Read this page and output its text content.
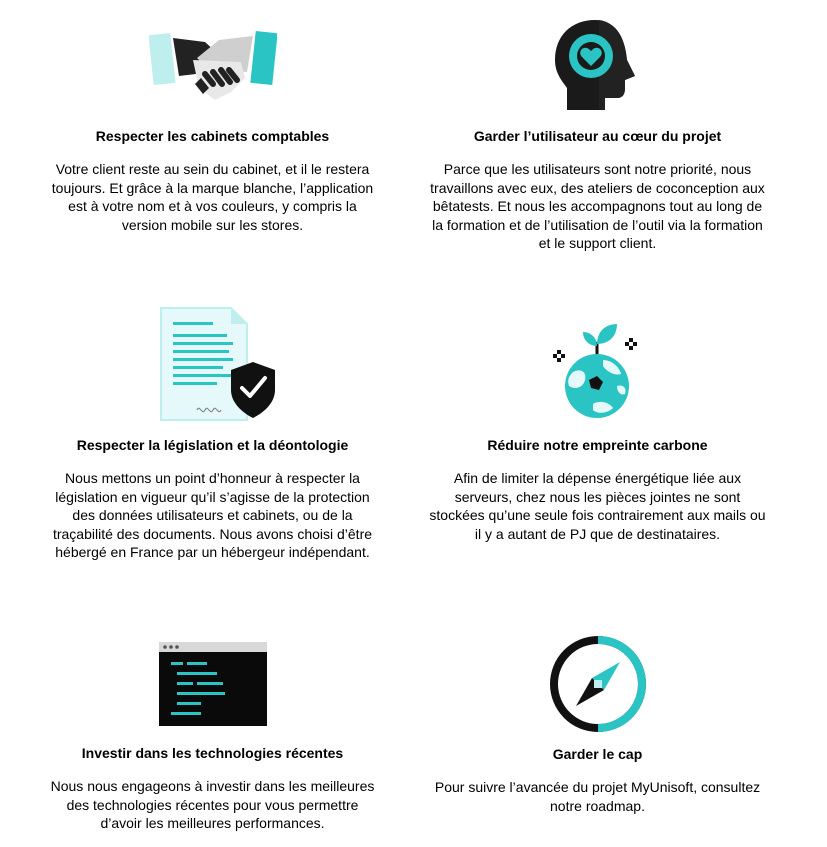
Respecter les cabinets comptables
Votre client reste au sein du cabinet, et il le restera toujours. Et grâce à la marque blanche, l’application est à votre nom et à vos couleurs, y compris la version mobile sur les stores.
Garder l’utilisateur au cœur du projet
Parce que les utilisateurs sont notre priorité, nous travaillons avec eux, des ateliers de coconception aux bêtatests. Et nous les accompagnons tout au long de la formation et de l’utilisation de l’outil via la formation et le support client.
Respecter la législation et la déontologie
Nous mettons un point d’honneur à respecter la législation en vigueur qu’il s’agisse de la protection des données utilisateurs et cabinets, ou de la traçabilité des documents. Nous avons choisi d’être hébergé en France par un hébergeur indépendant.
Réduire notre empreinte carbone
Afin de limiter la dépense énergétique liée aux serveurs, chez nous les pièces jointes ne sont stockées qu’une seule fois contrairement aux mails ou il y a autant de PJ que de destinataires.
Investir dans les technologies récentes
Nous nous engageons à investir dans les meilleures des technologies récentes pour vous permettre d’avoir les meilleures performances.
Garder le cap
Pour suivre l’avancée du projet MyUnisoft, consultez notre roadmap.
